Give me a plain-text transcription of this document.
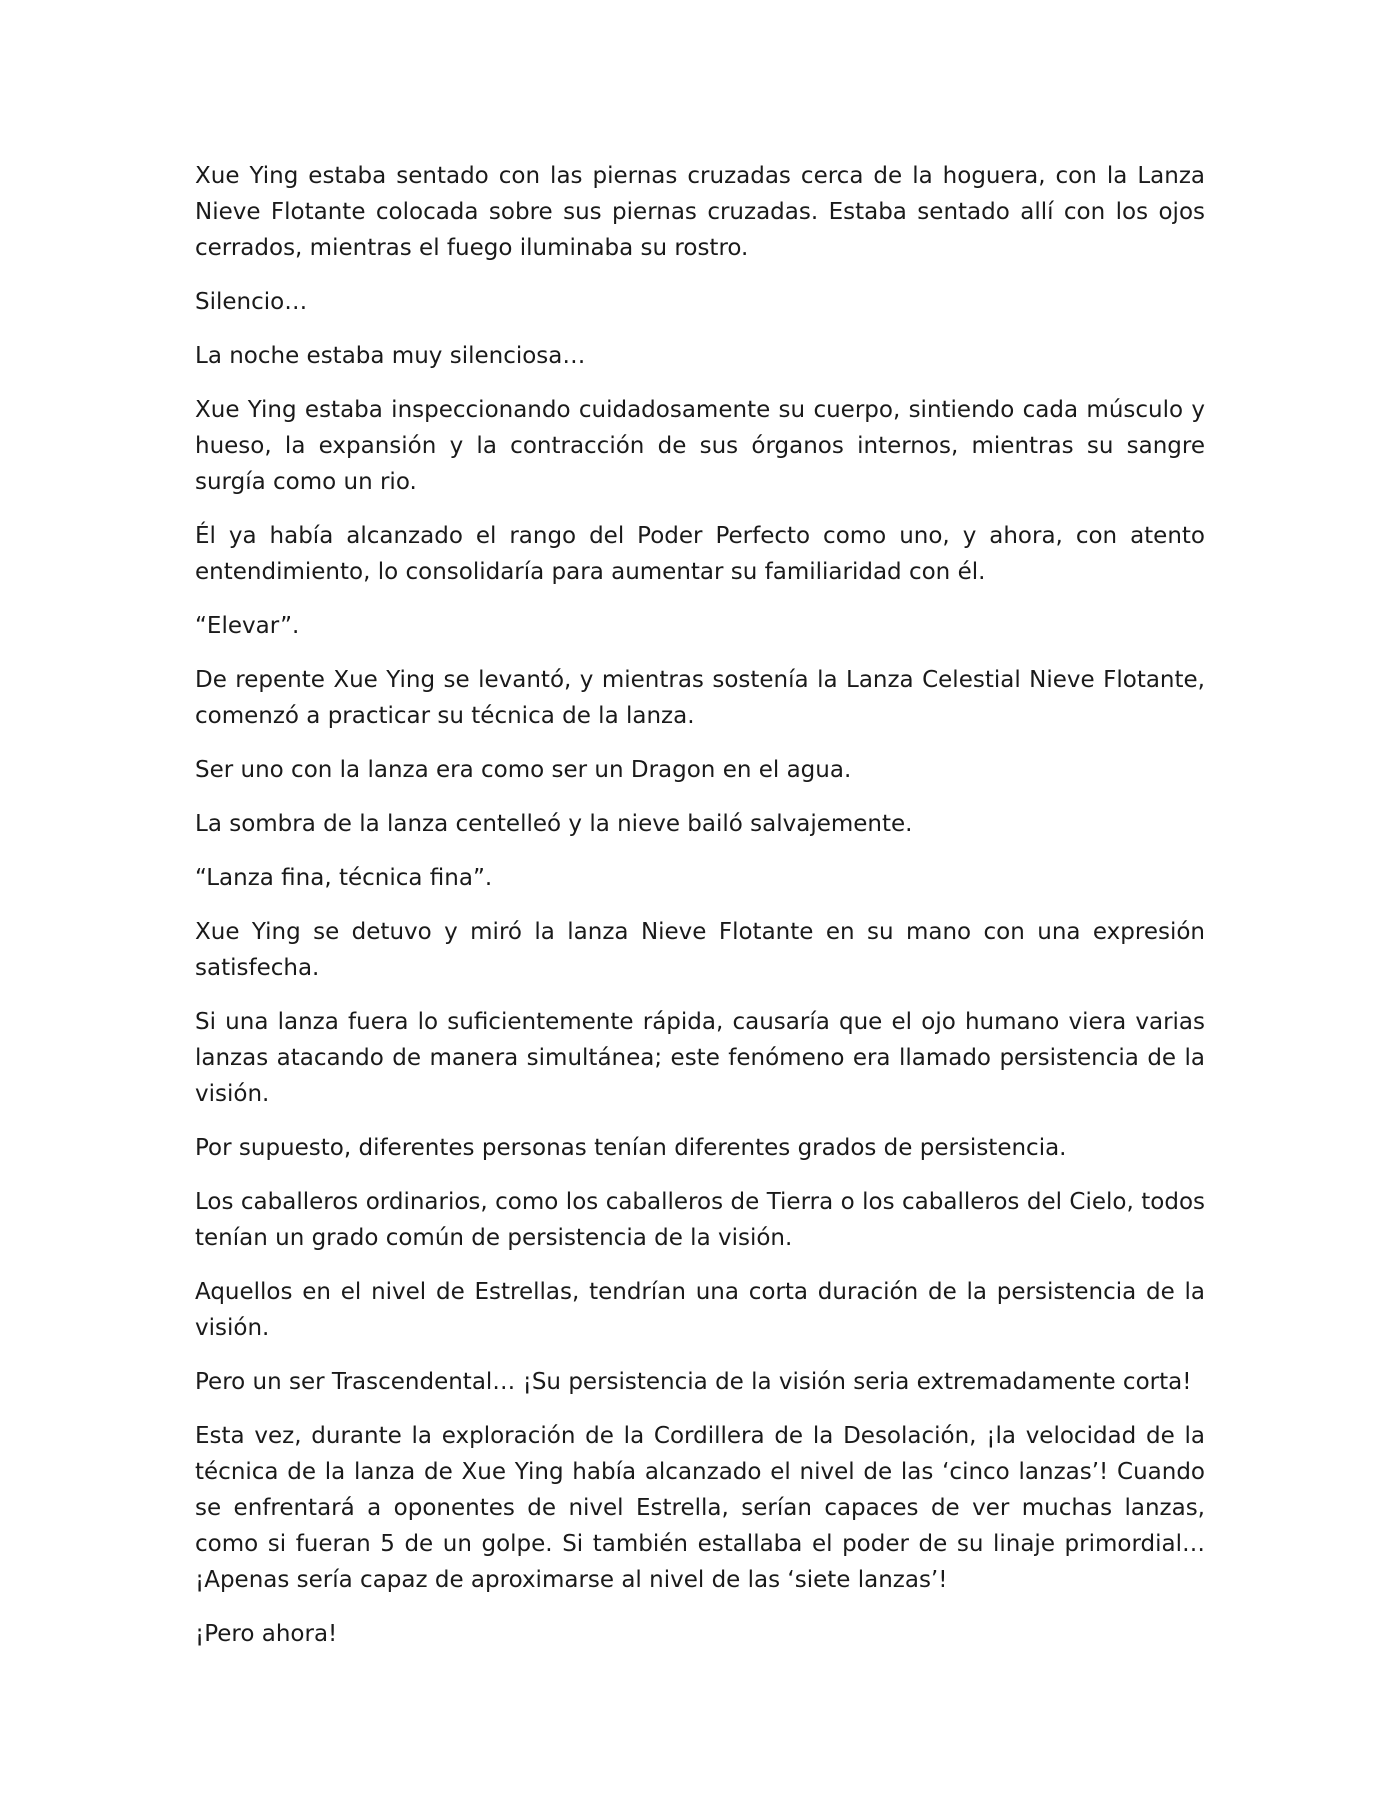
Xue Ying estaba sentado con las piernas cruzadas cerca de la hoguera, con la Lanza Nieve Flotante colocada sobre sus piernas cruzadas. Estaba sentado allí con los ojos cerrados, mientras el fuego iluminaba su rostro.

Silencio…

La noche estaba muy silenciosa…

Xue Ying estaba inspeccionando cuidadosamente su cuerpo, sintiendo cada músculo y hueso, la expansión y la contracción de sus órganos internos, mientras su sangre surgía como un rio.

Él ya había alcanzado el rango del Poder Perfecto como uno, y ahora, con atento entendimiento, lo consolidaría para aumentar su familiaridad con él.

“Elevar”.

De repente Xue Ying se levantó, y mientras sostenía la Lanza Celestial Nieve Flotante, comenzó a practicar su técnica de la lanza.

Ser uno con la lanza era como ser un Dragon en el agua.

La sombra de la lanza centelleó y la nieve bailó salvajemente.

“Lanza fina, técnica fina”.

Xue Ying se detuvo y miró la lanza Nieve Flotante en su mano con una expresión satisfecha.

Si una lanza fuera lo suficientemente rápida, causaría que el ojo humano viera varias lanzas atacando de manera simultánea; este fenómeno era llamado persistencia de la visión.

Por supuesto, diferentes personas tenían diferentes grados de persistencia.

Los caballeros ordinarios, como los caballeros de Tierra o los caballeros del Cielo, todos tenían un grado común de persistencia de la visión.

Aquellos en el nivel de Estrellas, tendrían una corta duración de la persistencia de la visión.

Pero un ser Trascendental… ¡Su persistencia de la visión seria extremadamente corta!

Esta vez, durante la exploración de la Cordillera de la Desolación, ¡la velocidad de la técnica de la lanza de Xue Ying había alcanzado el nivel de las ‘cinco lanzas’! Cuando se enfrentará a oponentes de nivel Estrella, serían capaces de ver muchas lanzas, como si fueran 5 de un golpe. Si también estallaba el poder de su linaje primordial… ¡Apenas sería capaz de aproximarse al nivel de las ‘siete lanzas’!

¡Pero ahora!
